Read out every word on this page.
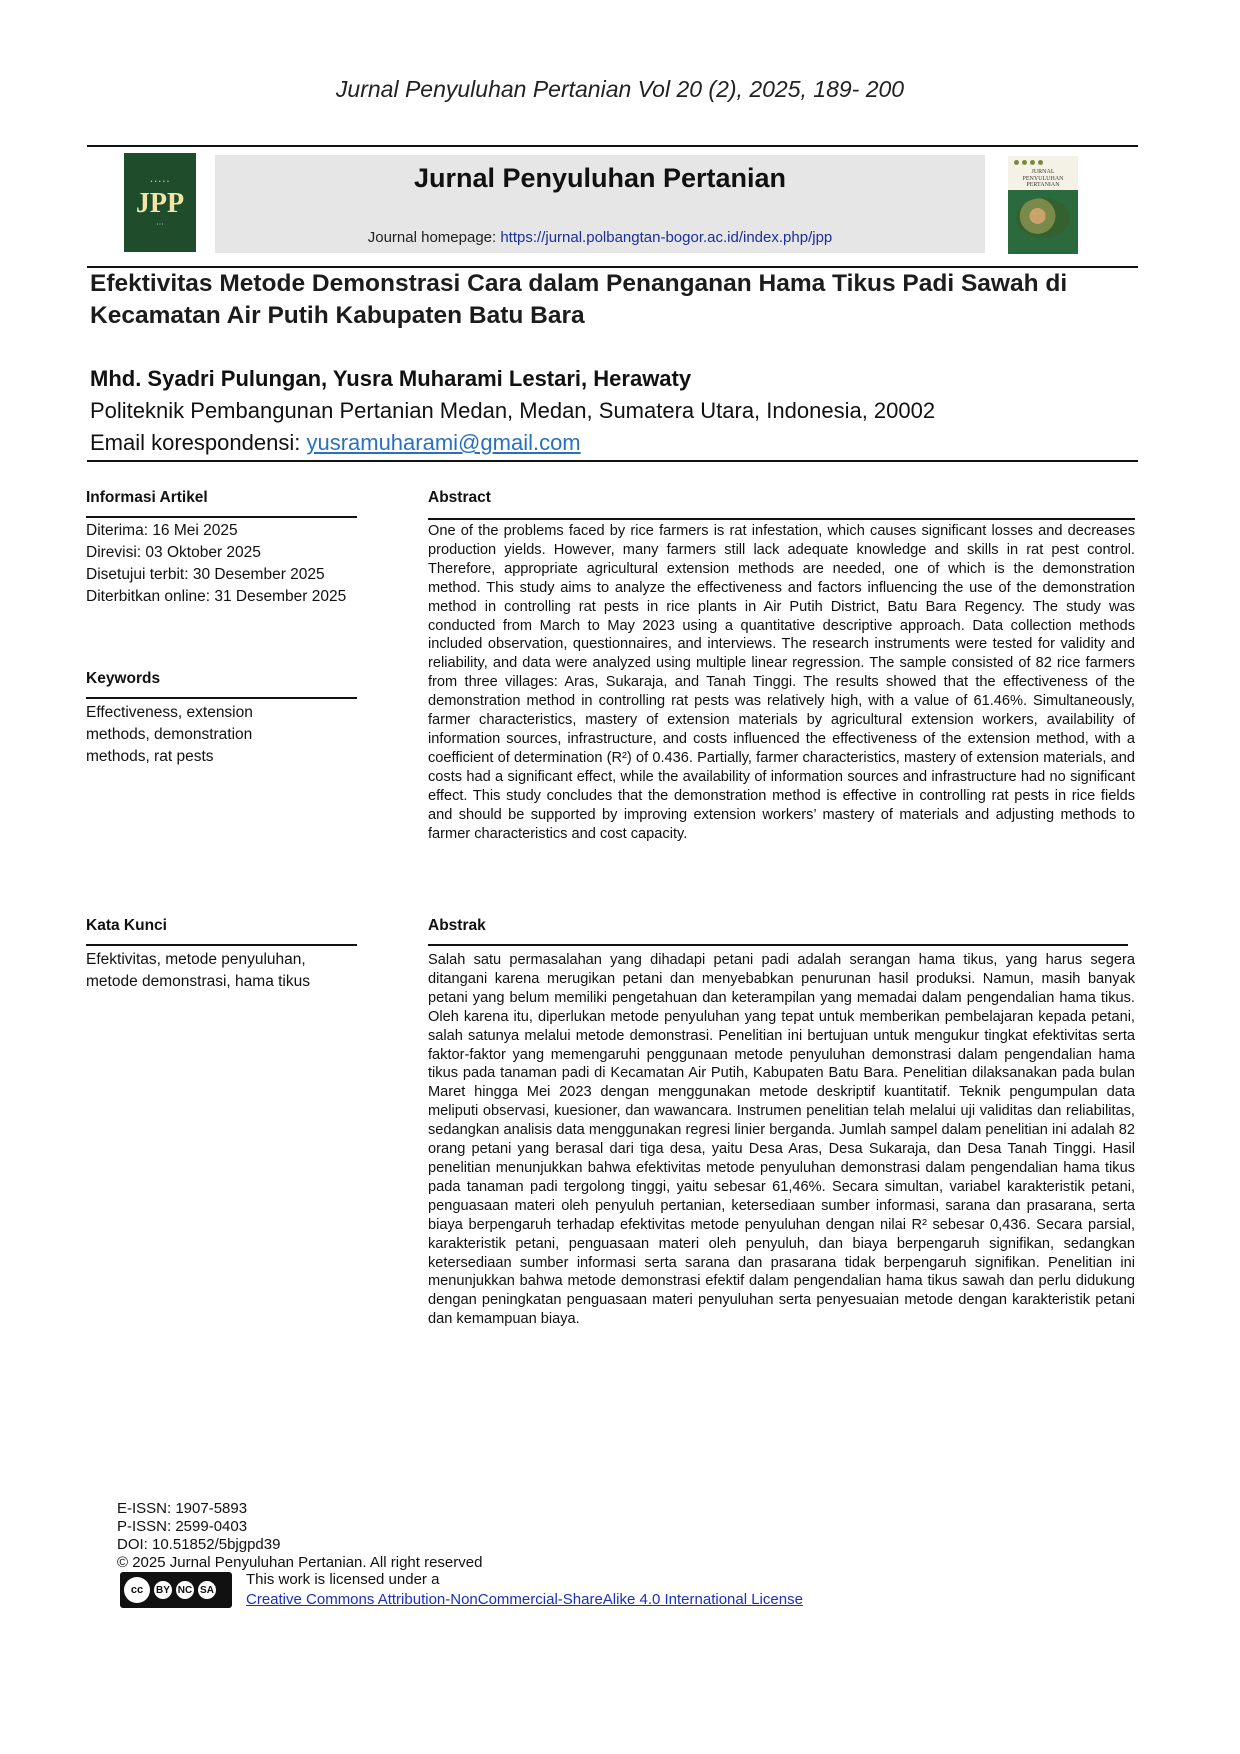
Jurnal Penyuluhan Pertanian Vol 20 (2), 2025, 189- 200
• • • • •
JPP
• • •
Jurnal Penyuluhan Pertanian
Journal homepage: https://jurnal.polbangtan-bogor.ac.id/index.php/jpp
JURNAL PENYULUHAN PERTANIAN
Efektivitas Metode Demonstrasi Cara dalam Penanganan Hama Tikus Padi Sawah di
Kecamatan Air Putih Kabupaten Batu Bara
Mhd. Syadri Pulungan, Yusra Muharami Lestari, Herawaty
Politeknik Pembangunan Pertanian Medan, Medan, Sumatera Utara, Indonesia, 20002
Email korespondensi: yusramuharami@gmail.com
Informasi Artikel
Diterima: 16 Mei 2025
Direvisi: 03 Oktober 2025
Disetujui terbit: 30 Desember 2025
Diterbitkan online: 31 Desember 2025
Keywords
Effectiveness, extension
methods, demonstration
methods, rat pests
Kata Kunci
Efektivitas, metode penyuluhan,
metode demonstrasi, hama tikus
Abstract
One of the problems faced by rice farmers is rat infestation, which causes significant losses and decreases production yields. However, many farmers still lack adequate knowledge and skills in rat pest control. Therefore, appropriate agricultural extension methods are needed, one of which is the demonstration method. This study aims to analyze the effectiveness and factors influencing the use of the demonstration method in controlling rat pests in rice plants in Air Putih District, Batu Bara Regency. The study was conducted from March to May 2023 using a quantitative descriptive approach. Data collection methods included observation, questionnaires, and interviews. The research instruments were tested for validity and reliability, and data were analyzed using multiple linear regression. The sample consisted of 82 rice farmers from three villages: Aras, Sukaraja, and Tanah Tinggi. The results showed that the effectiveness of the demonstration method in controlling rat pests was relatively high, with a value of 61.46%. Simultaneously, farmer characteristics, mastery of extension materials by agricultural extension workers, availability of information sources, infrastructure, and costs influenced the effectiveness of the extension method, with a coefficient of determination (R²) of 0.436. Partially, farmer characteristics, mastery of extension materials, and costs had a significant effect, while the availability of information sources and infrastructure had no significant effect. This study concludes that the demonstration method is effective in controlling rat pests in rice fields and should be supported by improving extension workers’ mastery of materials and adjusting methods to farmer characteristics and cost capacity.
Abstrak
Salah satu permasalahan yang dihadapi petani padi adalah serangan hama tikus, yang harus segera ditangani karena merugikan petani dan menyebabkan penurunan hasil produksi. Namun, masih banyak petani yang belum memiliki pengetahuan dan keterampilan yang memadai dalam pengendalian hama tikus. Oleh karena itu, diperlukan metode penyuluhan yang tepat untuk memberikan pembelajaran kepada petani, salah satunya melalui metode demonstrasi. Penelitian ini bertujuan untuk mengukur tingkat efektivitas serta faktor-faktor yang memengaruhi penggunaan metode penyuluhan demonstrasi dalam pengendalian hama tikus pada tanaman padi di Kecamatan Air Putih, Kabupaten Batu Bara. Penelitian dilaksanakan pada bulan Maret hingga Mei 2023 dengan menggunakan metode deskriptif kuantitatif. Teknik pengumpulan data meliputi observasi, kuesioner, dan wawancara. Instrumen penelitian telah melalui uji validitas dan reliabilitas, sedangkan analisis data menggunakan regresi linier berganda. Jumlah sampel dalam penelitian ini adalah 82 orang petani yang berasal dari tiga desa, yaitu Desa Aras, Desa Sukaraja, dan Desa Tanah Tinggi. Hasil penelitian menunjukkan bahwa efektivitas metode penyuluhan demonstrasi dalam pengendalian hama tikus pada tanaman padi tergolong tinggi, yaitu sebesar 61,46%. Secara simultan, variabel karakteristik petani, penguasaan materi oleh penyuluh pertanian, ketersediaan sumber informasi, sarana dan prasarana, serta biaya berpengaruh terhadap efektivitas metode penyuluhan dengan nilai R² sebesar 0,436. Secara parsial, karakteristik petani, penguasaan materi oleh penyuluh, dan biaya berpengaruh signifikan, sedangkan ketersediaan sumber informasi serta sarana dan prasarana tidak berpengaruh signifikan. Penelitian ini menunjukkan bahwa metode demonstrasi efektif dalam pengendalian hama tikus sawah dan perlu didukung dengan peningkatan penguasaan materi penyuluhan serta penyesuaian metode dengan karakteristik petani dan kemampuan biaya.
E-ISSN: 1907-5893
P-ISSN: 2599-0403
DOI: 10.51852/5bjgpd39
© 2025 Jurnal Penyuluhan Pertanian. All right reserved
cc	BY NC SA
This work is licensed under a
Creative Commons Attribution-NonCommercial-ShareAlike 4.0 International License
